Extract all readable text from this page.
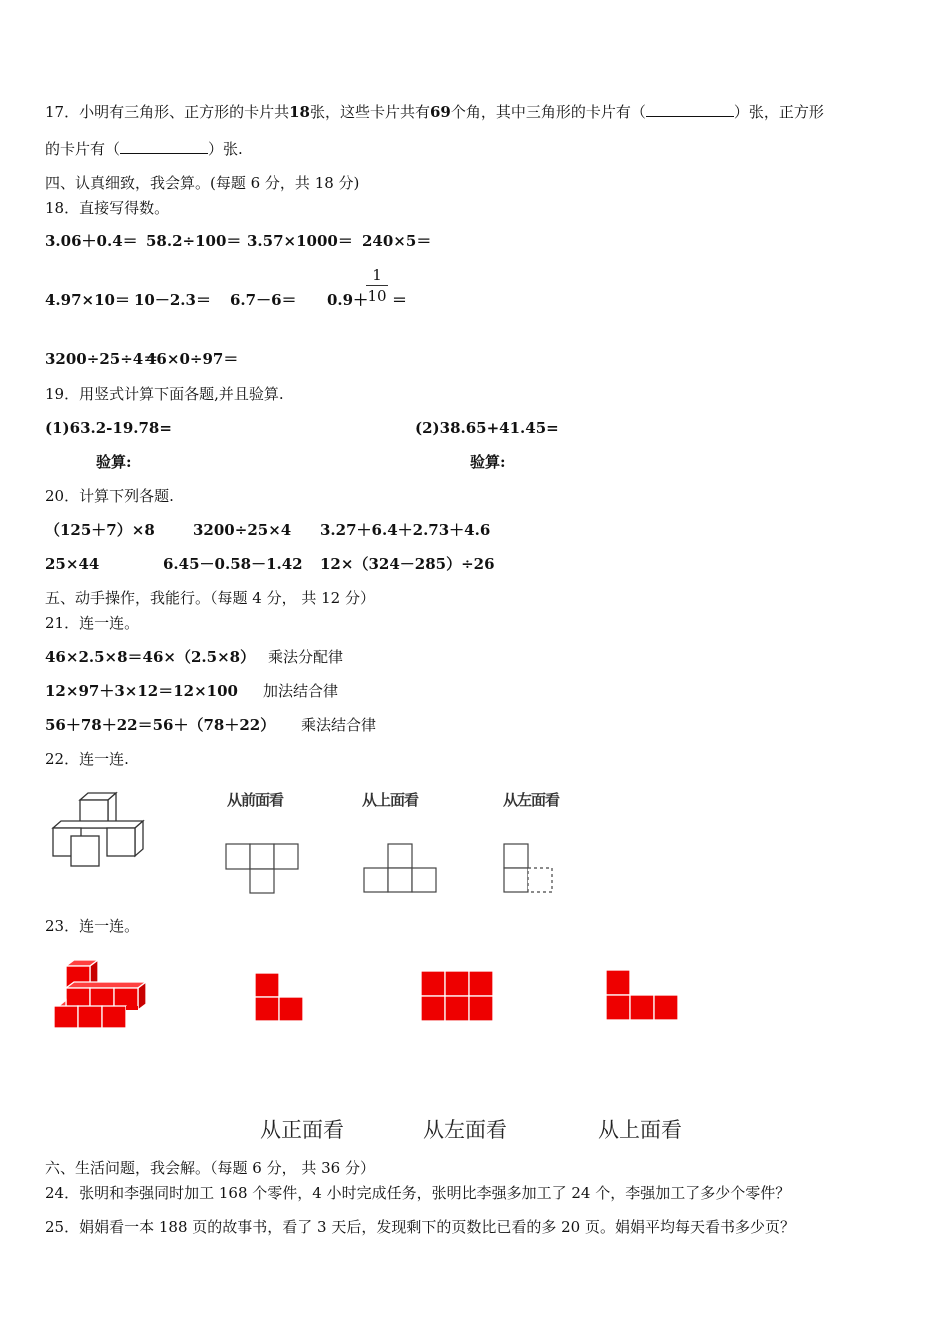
17．小明有三角形、正方形的卡片共18张，这些卡片共有69个角，其中三角形的卡片有（	）张，正方形
的卡片有（	）张.
四、认真细致，我会算。(每题 6 分，共 18 分)
18．直接写得数。
3.06＋0.4＝ 58.2÷100＝ 3.57×1000＝ 240×5＝
4.97×10＝ 10－2.3＝ 6.7－6＝ 0.9＋
1
10 ＝
3200÷25÷4＝
46×0÷97＝
19．用竖式计算下面各题,并且验算.
(1)63.2-19.78=	(2)38.65+41.45=
验算:	验算:
20．计算下列各题.
（125＋7）×8	3200÷25×4 3.27＋6.4＋2.73＋4.6
25×44	6.45－0.58－1.42 12×（324－285）÷26
五、动手操作，我能行。（每题 4 分， 共 12 分）
21．连一连。
46×2.5×8＝46×（2.5×8） 乘法分配律
12×97＋3×12＝12×100 加法结合律
56＋78＋22＝56＋（78＋22） 乘法结合律
22．连一连.
从前面看	从上面看	从左面看
23．连一连。
从正面看	从左面看	从上面看
六、生活问题，我会解。（每题 6 分， 共 36 分）
24．张明和李强同时加工 168 个零件，4 小时完成任务，张明比李强多加工了 24 个，李强加工了多少个零件？
25．娟娟看一本 188 页的故事书，看了 3 天后，发现剩下的页数比已看的多 20 页。娟娟平均每天看书多少页？
